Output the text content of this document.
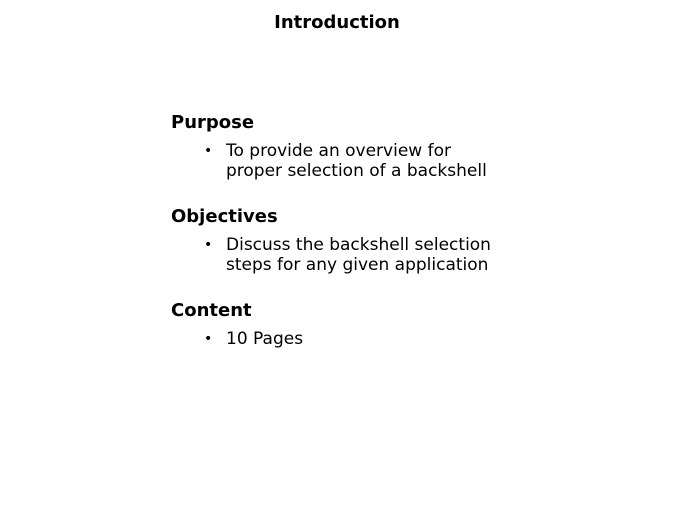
Introduction
Purpose
• To provide an overview for
proper selection of a backshell
Objectives
• Discuss the backshell selection
steps for any given application
Content
• 10 Pages
